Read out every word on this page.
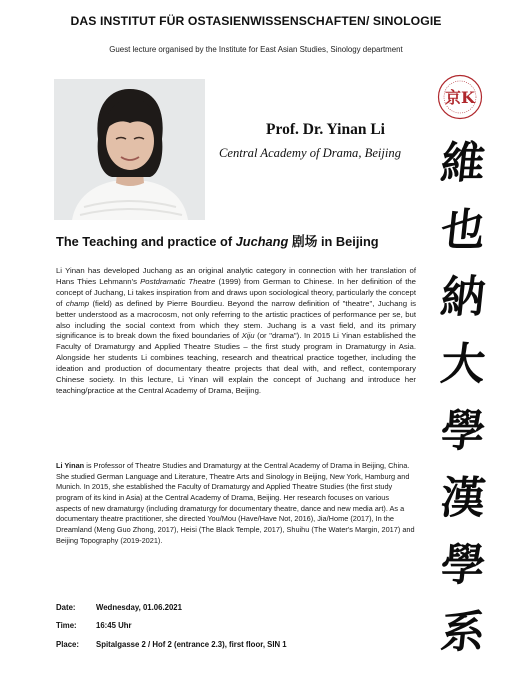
DAS INSTITUT FÜR OSTASIENWISSENSCHAFTEN/ SINOLOGIE
Guest lecture organised by the Institute for East Asian Studies, Sinology department
京K
Prof. Dr. Yinan Li
Central Academy of Drama, Beijing 維
也
納
大
學
漢
學
系
The Teaching and practice of Juchang 剧场 in Beijing
Li Yinan has developed Juchang as an original analytic category in connection with her translation of Hans Thies Lehmann's Postdramatic Theatre (1999) from German to Chinese. In her definition of the concept of Juchang, Li takes inspiration from and draws upon sociological theory, particularly the concept of champ (field) as defined by Pierre Bourdieu. Beyond the narrow definition of "theatre", Juchang is better understood as a macrocosm, not only referring to the artistic practices of performance per se, but also including the social context from which they stem. Juchang is a vast field, and its primary significance is to break down the fixed boundaries of Xiju (or "drama"). In 2015 Li Yinan established the Faculty of Dramaturgy and Applied Theatre Studies – the first study program in Dramaturgy in Asia. Alongside her students Li combines teaching, research and theatrical practice together, including the ideation and production of documentary theatre projects that deal with, and reflect, contemporary Chinese society. In this lecture, Li Yinan will explain the concept of Juchang and introduce her teaching/practice at the Central Academy of Drama, Beijing.
Li Yinan is Professor of Theatre Studies and Dramaturgy at the Central Academy of Drama in Beijing, China. She studied German Language and Literature, Theatre Arts and Sinology in Beijing, New York, Hamburg and Munich. In 2015, she established the Faculty of Dramaturgy and Applied Theatre Studies (the first study program of its kind in Asia) at the Central Academy of Drama, Beijing. Her research focuses on various aspects of new dramaturgy (including dramaturgy for documentary theatre, dance and new media art). As a documentary theatre practitioner, she directed You/Mou (Have/Have Not, 2016), Jia/Home (2017), In the Dreamland (Meng Guo Zhong, 2017), Heisi (The Black Temple, 2017), Shuihu (The Water's Margin, 2017) and Beijing Topography (2019-2021).
Date:	Wednesday, 01.06.2021
Time: 16:45 Uhr
Place: Spitalgasse 2 / Hof 2 (entrance 2.3), first floor, SIN 1
